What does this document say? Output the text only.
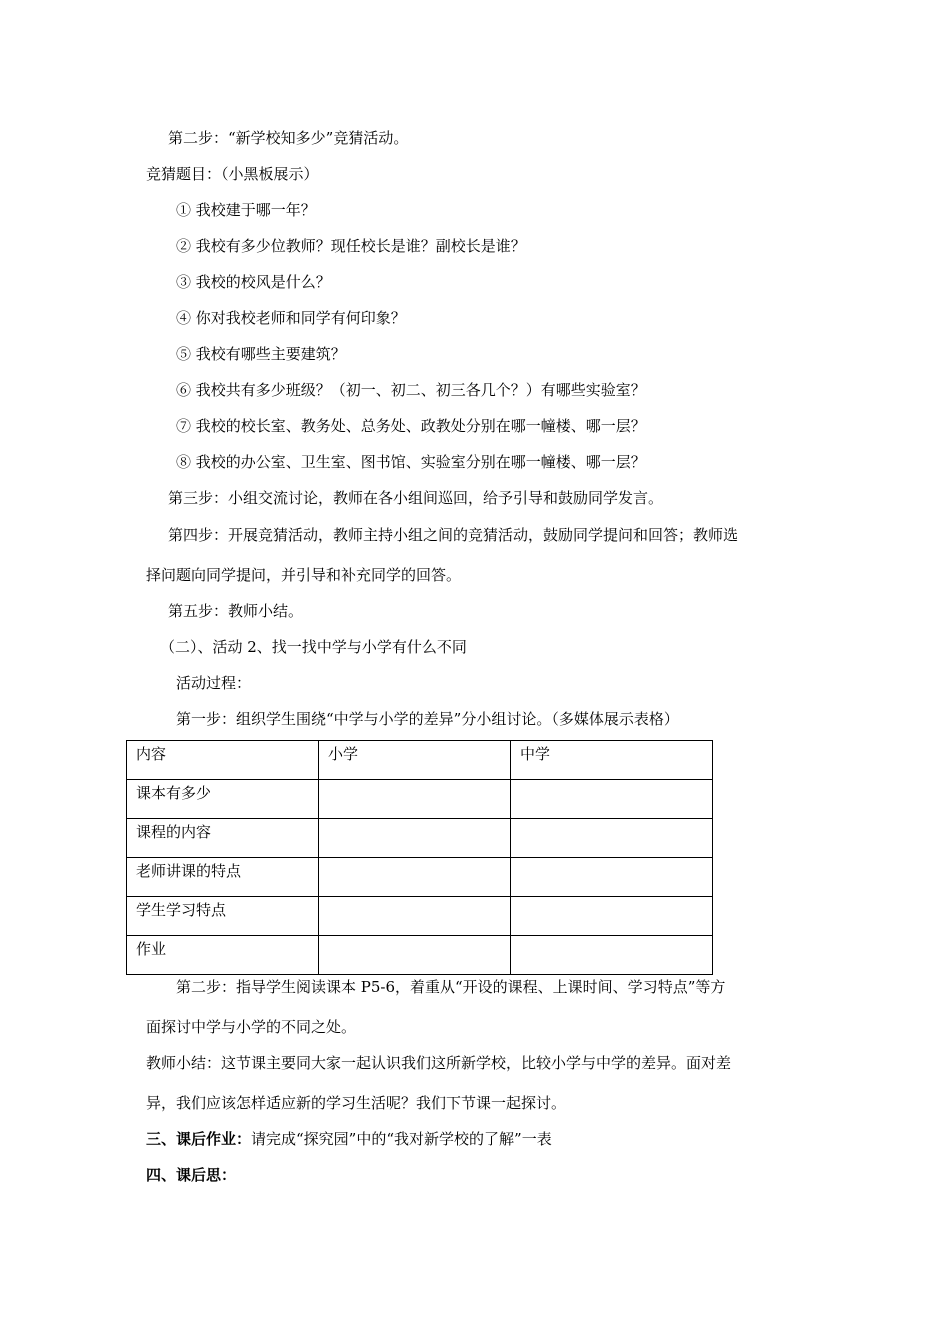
第二步：“新学校知多少”竞猜活动。
竞猜题目：（小黑板展示）
① 我校建于哪一年？
② 我校有多少位教师？现任校长是谁？副校长是谁？
③ 我校的校风是什么？
④ 你对我校老师和同学有何印象？
⑤ 我校有哪些主要建筑？
⑥ 我校共有多少班级？（初一、初二、初三各几个？）有哪些实验室？
⑦ 我校的校长室、教务处、总务处、政教处分别在哪一幢楼、哪一层？
⑧ 我校的办公室、卫生室、图书馆、实验室分别在哪一幢楼、哪一层？
第三步：小组交流讨论，教师在各小组间巡回，给予引导和鼓励同学发言。
第四步：开展竞猜活动，教师主持小组之间的竞猜活动，鼓励同学提问和回答；教师选
择问题向同学提问，并引导和补充同学的回答。
第五步：教师小结。
（二）、活动 2、找一找中学与小学有什么不同
活动过程：
第一步：组织学生围绕“中学与小学的差异”分小组讨论。（多媒体展示表格）
内容	小学	中学
课本有多少		
课程的内容		
老师讲课的特点		
学生学习特点		
作业		
第二步：指导学生阅读课本 P5-6，着重从“开设的课程、上课时间、学习特点”等方
面探讨中学与小学的不同之处。
教师小结：这节课主要同大家一起认识我们这所新学校，比较小学与中学的差异。面对差
异，我们应该怎样适应新的学习生活呢？我们下节课一起探讨。
三、课后作业：请完成“探究园”中的“我对新学校的了解”一表
四、课后思：
